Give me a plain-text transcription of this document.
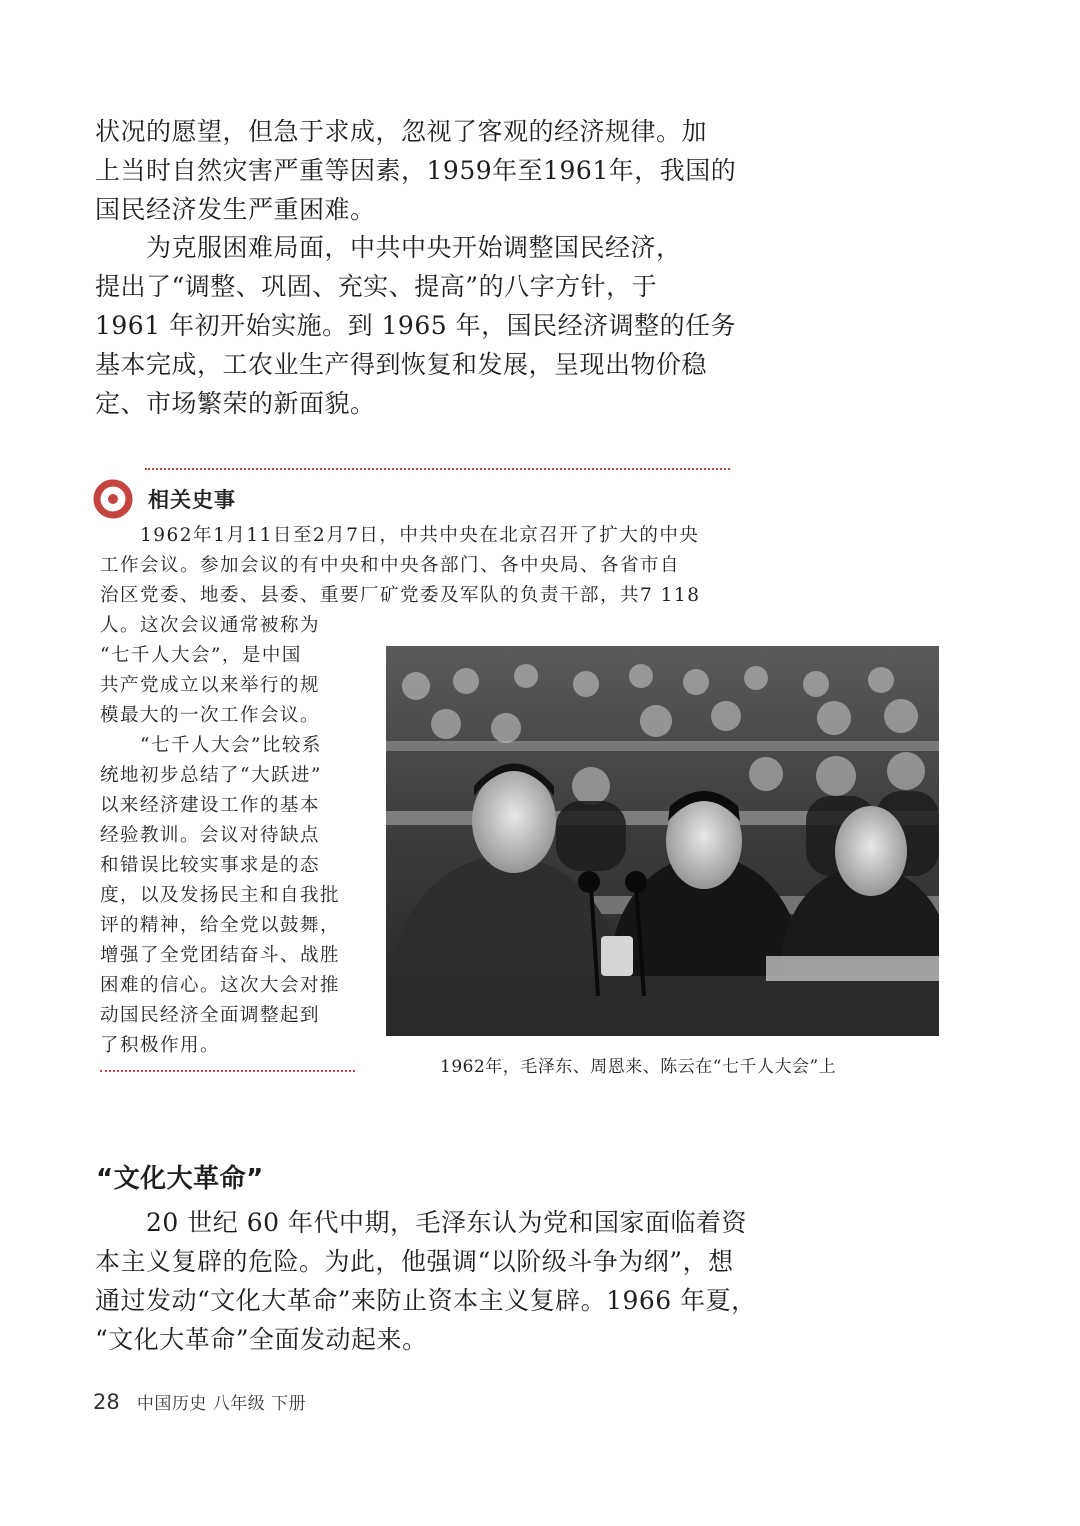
状况的愿望，但急于求成，忽视了客观的经济规律。加
上当时自然灾害严重等因素，1959年至1961年，我国的
国民经济发生严重困难。
　　为克服困难局面，中共中央开始调整国民经济，
提出了“调整、巩固、充实、提高”的八字方针，于
1961 年初开始实施。到 1965 年，国民经济调整的任务
基本完成，工农业生产得到恢复和发展，呈现出物价稳
定、市场繁荣的新面貌。
相关史事
　　1962年1月11日至2月7日，中共中央在北京召开了扩大的中央
工作会议。参加会议的有中央和中央各部门、各中央局、各省市自
治区党委、地委、县委、重要厂矿党委及军队的负责干部，共7 118
人。这次会议通常被称为
“七千人大会”，是中国
共产党成立以来举行的规
模最大的一次工作会议。
　　“七千人大会”比较系
统地初步总结了“大跃进”
以来经济建设工作的基本
经验教训。会议对待缺点
和错误比较实事求是的态
度，以及发扬民主和自我批
评的精神，给全党以鼓舞，
增强了全党团结奋斗、战胜
困难的信心。这次大会对推
动国民经济全面调整起到
了积极作用。
1962年，毛泽东、周恩来、陈云在“七千人大会”上
“文化大革命”
　　20 世纪 60 年代中期，毛泽东认为党和国家面临着资
本主义复辟的危险。为此，他强调“以阶级斗争为纲”，想
通过发动“文化大革命”来防止资本主义复辟。1966 年夏，
“文化大革命”全面发动起来。
28 中国历史 八年级 下册
